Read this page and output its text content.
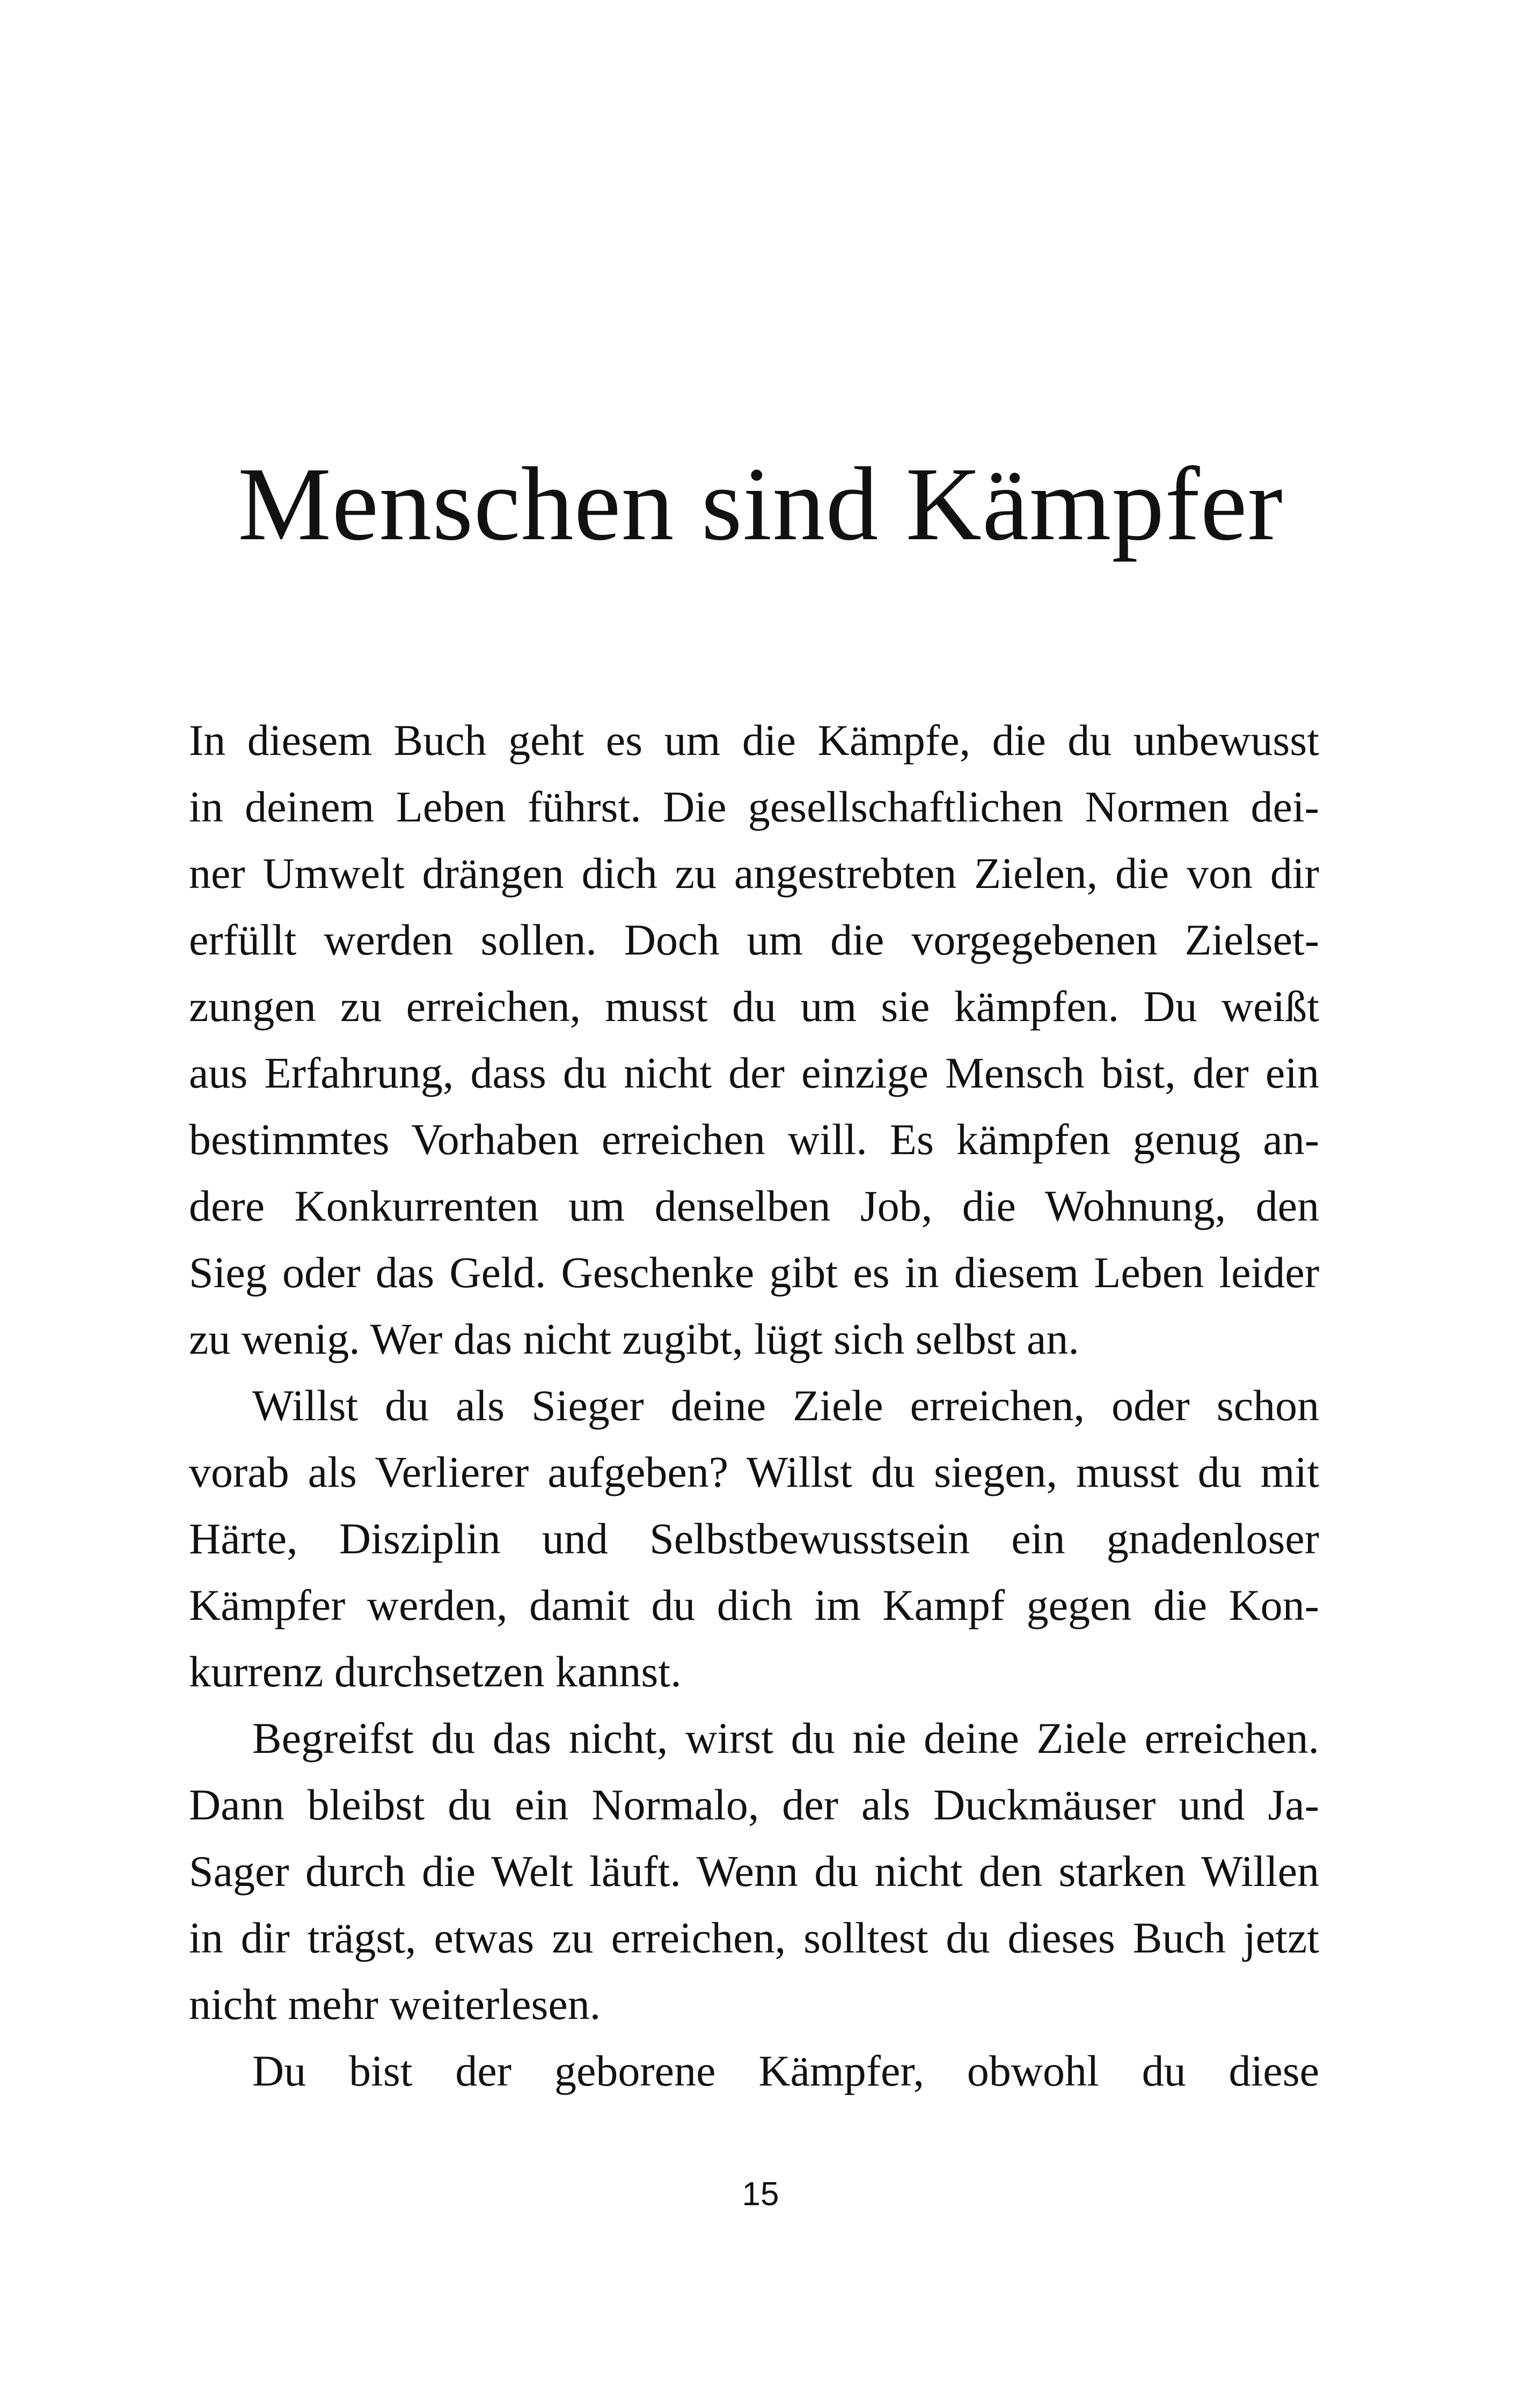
Menschen sind Kämpfer
In diesem Buch geht es um die Kämpfe, die du unbewusst
in deinem Leben führst. Die gesellschaftlichen Normen dei-
ner Umwelt drängen dich zu angestrebten Zielen, die von dir
erfüllt werden sollen. Doch um die vorgegebenen Zielset-
zungen zu erreichen, musst du um sie kämpfen. Du weißt
aus Erfahrung, dass du nicht der einzige Mensch bist, der ein
bestimmtes Vorhaben erreichen will. Es kämpfen genug an-
dere Konkurrenten um denselben Job, die Wohnung, den
Sieg oder das Geld. Geschenke gibt es in diesem Leben leider
zu wenig. Wer das nicht zugibt, lügt sich selbst an.
Willst du als Sieger deine Ziele erreichen, oder schon
vorab als Verlierer aufgeben? Willst du siegen, musst du mit
Härte, Disziplin und Selbstbewusstsein ein gnadenloser
Kämpfer werden, damit du dich im Kampf gegen die Kon-
kurrenz durchsetzen kannst.
Begreifst du das nicht, wirst du nie deine Ziele erreichen.
Dann bleibst du ein Normalo, der als Duckmäuser und Ja-
Sager durch die Welt läuft. Wenn du nicht den starken Willen
in dir trägst, etwas zu erreichen, solltest du dieses Buch jetzt
nicht mehr weiterlesen.
Du bist der geborene Kämpfer, obwohl du diese
15
